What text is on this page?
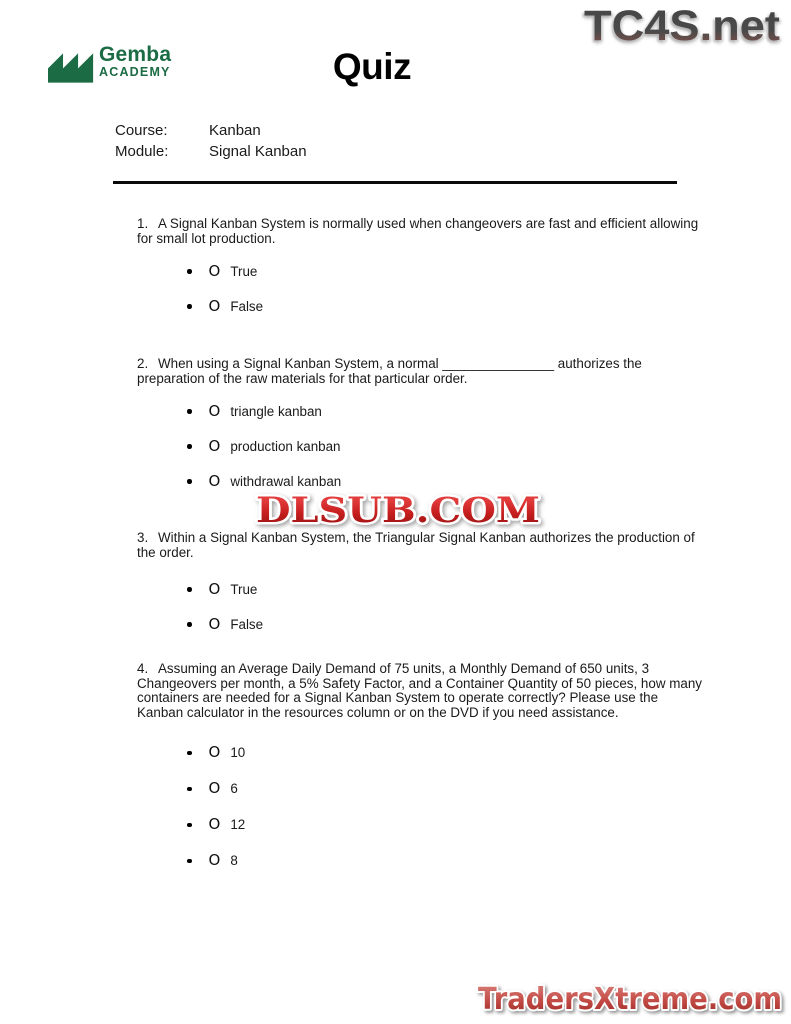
TC4S.net
Gemba
ACADEMY	Quiz
Course:	Kanban
Module:	Signal Kanban
1. A Signal Kanban System is normally used when changeovers are fast and efficient allowing
for small lot production.
O True
O False
2. When using a Signal Kanban System, a normal _______________ authorizes the
preparation of the raw materials for that particular order.
O triangle kanban
O production kanban
O withdrawal kanban
DLSUB.COM
3. Within a Signal Kanban System, the Triangular Signal Kanban authorizes the production of
the order.
O True
O False
4. Assuming an Average Daily Demand of 75 units, a Monthly Demand of 650 units, 3
Changeovers per month, a 5% Safety Factor, and a Container Quantity of 50 pieces, how many
containers are needed for a Signal Kanban System to operate correctly? Please use the
Kanban calculator in the resources column or on the DVD if you need assistance.
O 10
O 6
O 12
O 8
TradersXtreme.com
